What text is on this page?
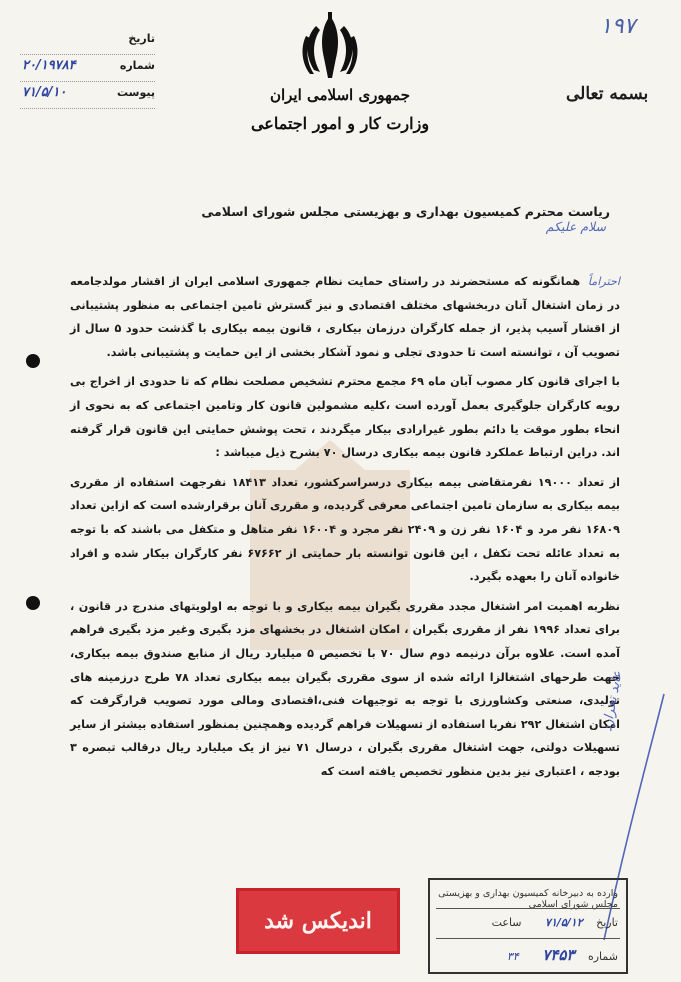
۱۹۷
جمهوری اسلامی ایران
وزارت کار و امور اجتماعی
بسمه تعالی
تاریخ
شماره
۲۰/۱۹۷۸۴
پیوست
۷۱/۵/۱۰
ریاست محترم کمیسیون بهداری و بهزیستی مجلس شورای اسلامی سلام علیکم

احتراماً همانگونه که مستحضرند در راستای حمایت نظام جمهوری اسلامی ایران از اقشار مولدجامعه در زمان اشتغال آنان دربخشهای مختلف اقتصادی و نیز گسترش تامین اجتماعی به منظور پشتیبانی از اقشار آسیب پذیر، از جمله کارگران درزمان بیکاری ، قانون بیمه بیکاری با گذشت حدود ۵ سال از تصویب آن ، توانسته است تا حدودی تجلی و نمود آشکار بخشی از این حمایت و پشتیبانی باشد.

با اجرای قانون کار مصوب آبان ماه ۶۹ مجمع محترم تشخیص مصلحت نظام که تا حدودی از اخراج بی رویه کارگران جلوگیری بعمل آورده است ،کلیه مشمولین قانون کار وتامین اجتماعی که به نحوی از انحاء بطور موقت یا دائم بطور غیرارادی بیکار میگردند ، تحت پوشش حمایتی این قانون قرار گرفته اند. دراین ارتباط عملکرد قانون بیمه بیکاری درسال ۷۰ بشرح ذیل میباشد :

از تعداد ۱۹۰۰۰ نفرمتقاضی بیمه بیکاری درسراسرکشور، تعداد ۱۸۴۱۳ نفرجهت استفاده از مقرری بیمه بیکاری به سازمان تامین اجتماعی معرفی گردیده، و مقرری آنان برقرارشده است که ازاین تعداد ۱۶۸۰۹ نفر مرد و ۱۶۰۴ نفر زن و ۲۴۰۹ نفر مجرد و ۱۶۰۰۴ نفر متاهل و متکفل می باشند که با توجه به تعداد عائله تحت تکفل ، این قانون توانسته بار حمایتی از ۶۷۶۶۲ نفر کارگران بیکار شده و افراد خانواده آنان را بعهده بگیرد.

نظربه اهمیت امر اشتغال مجدد مقرری بگیران بیمه بیکاری و با توجه به اولویتهای مندرج در قانون ، برای تعداد ۱۹۹۶ نفر از مقرری بگیران ، امکان اشتغال در بخشهای مزد بگیری وغیر مزد بگیری فراهم آمده است. علاوه برآن درنیمه دوم سال ۷۰ با تخصیص ۵ میلیارد ریال از منابع صندوق بیمه بیکاری، جهت طرحهای اشتغالزا ارائه شده از سوی مقرری بگیران بیمه بیکاری تعداد ۷۸ طرح درزمینه های تولیدی، صنعتی وکشاورزی با توجه به توجیهات فنی،اقتصادی ومالی مورد تصویب قرارگرفت که امکان اشتغال ۲۹۲ نفربا استفاده از تسهیلات فراهم گردیده وهمچنین بمنظور استفاده بیشتر از سایر تسهیلات دولتی، جهت اشتغال مقرری بگیران ، درسال ۷۱ نیز از یک میلیارد ریال درقالب تبصره ۳ بودجه ، اعتباری نیز بدین منظور تخصیص یافته است که

عاید تحرارد
اندیکس شد
وارده به دبیرخانه کمیسیون بهداری و بهزیستی مجلس شورای اسلامی
تاریخ ۷۱/۵/۱۲ ساعت
شماره ۷۴۵۳ ۳۴
